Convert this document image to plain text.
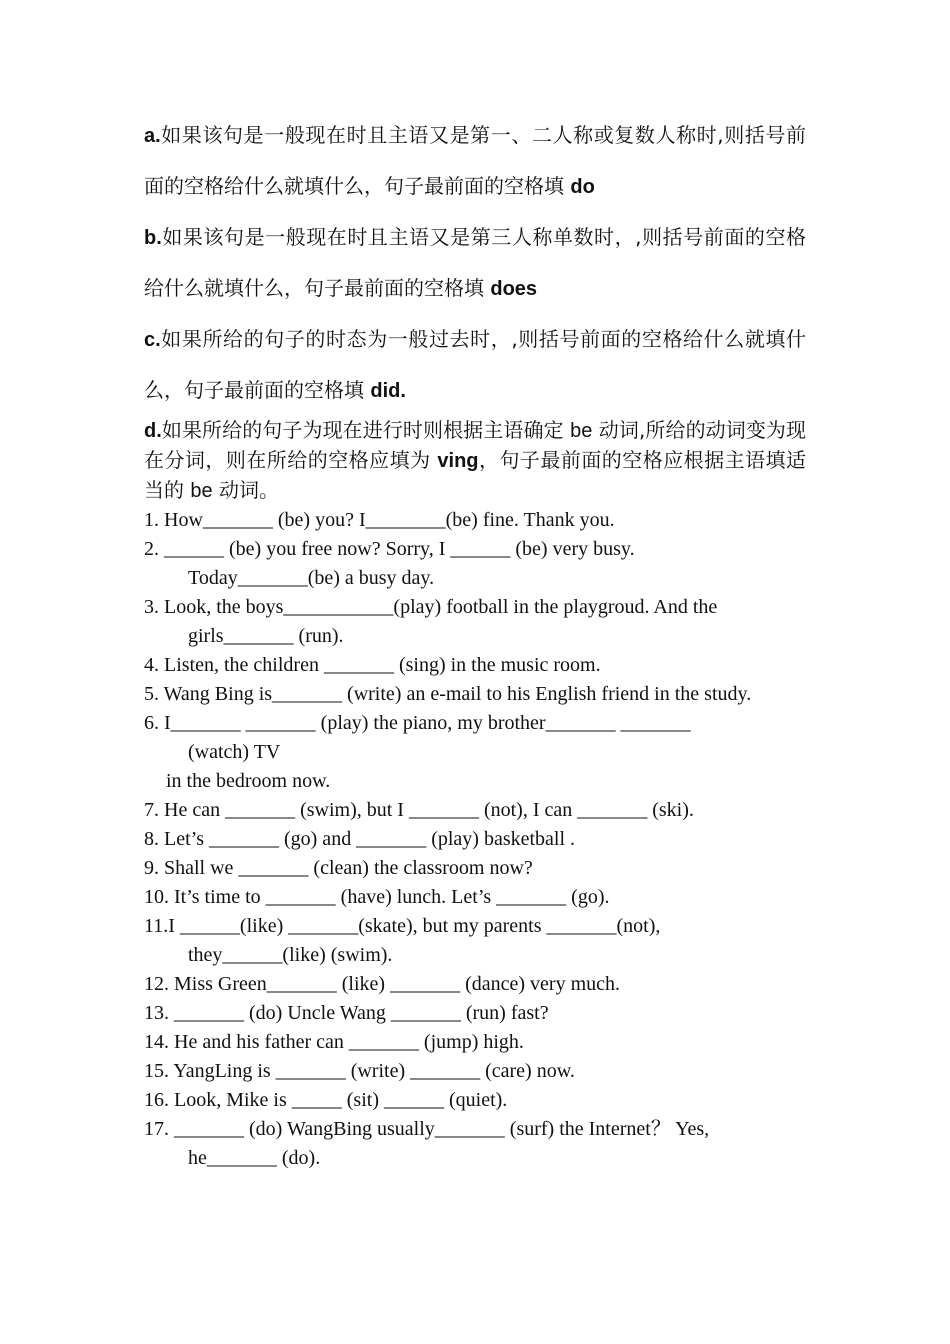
a.如果该句是一般现在时且主语又是第一、二人称或复数人称时,则括号前面的空格给什么就填什么，句子最前面的空格填 do

b.如果该句是一般现在时且主语又是第三人称单数时，,则括号前面的空格给什么就填什么，句子最前面的空格填 does

c.如果所给的句子的时态为一般过去时，,则括号前面的空格给什么就填什么，句子最前面的空格填 did.

d.如果所给的句子为现在进行时则根据主语确定 be 动词,所给的动词变为现在分词，则在所给的空格应填为 ving，句子最前面的空格应根据主语填适当的 be 动词。

1. How_______ (be) you? I________(be) fine. Thank you.

2. ______ (be) you free now? Sorry, I ______ (be) very busy.
Today_______(be) a busy day.

3. Look, the boys___________(play) football in the playgroud. And the
girls_______ (run).

4. Listen, the children _______ (sing) in the music room.

5. Wang Bing is_______ (write) an e-mail to his English friend in the study.

6. I_______ _______ (play) the piano, my brother_______ _______
(watch) TV
in the bedroom now.

7. He can _______ (swim), but I _______ (not), I can _______ (ski).

8. Let’s _______ (go) and _______ (play) basketball .

9. Shall we _______ (clean) the classroom now?

10. It’s time to _______ (have) lunch. Let’s _______ (go).

11.I ______(like) _______(skate), but my parents _______(not),
they______(like) (swim).

12. Miss Green_______ (like) _______ (dance) very much.

13. _______ (do) Uncle Wang _______ (run) fast?

14. He and his father can _______ (jump) high.

15. YangLing is _______ (write) _______ (care) now.

16. Look, Mike is _____ (sit) ______ (quiet).

17. _______ (do) WangBing usually_______ (surf) the Internet？ Yes,
he_______ (do).
